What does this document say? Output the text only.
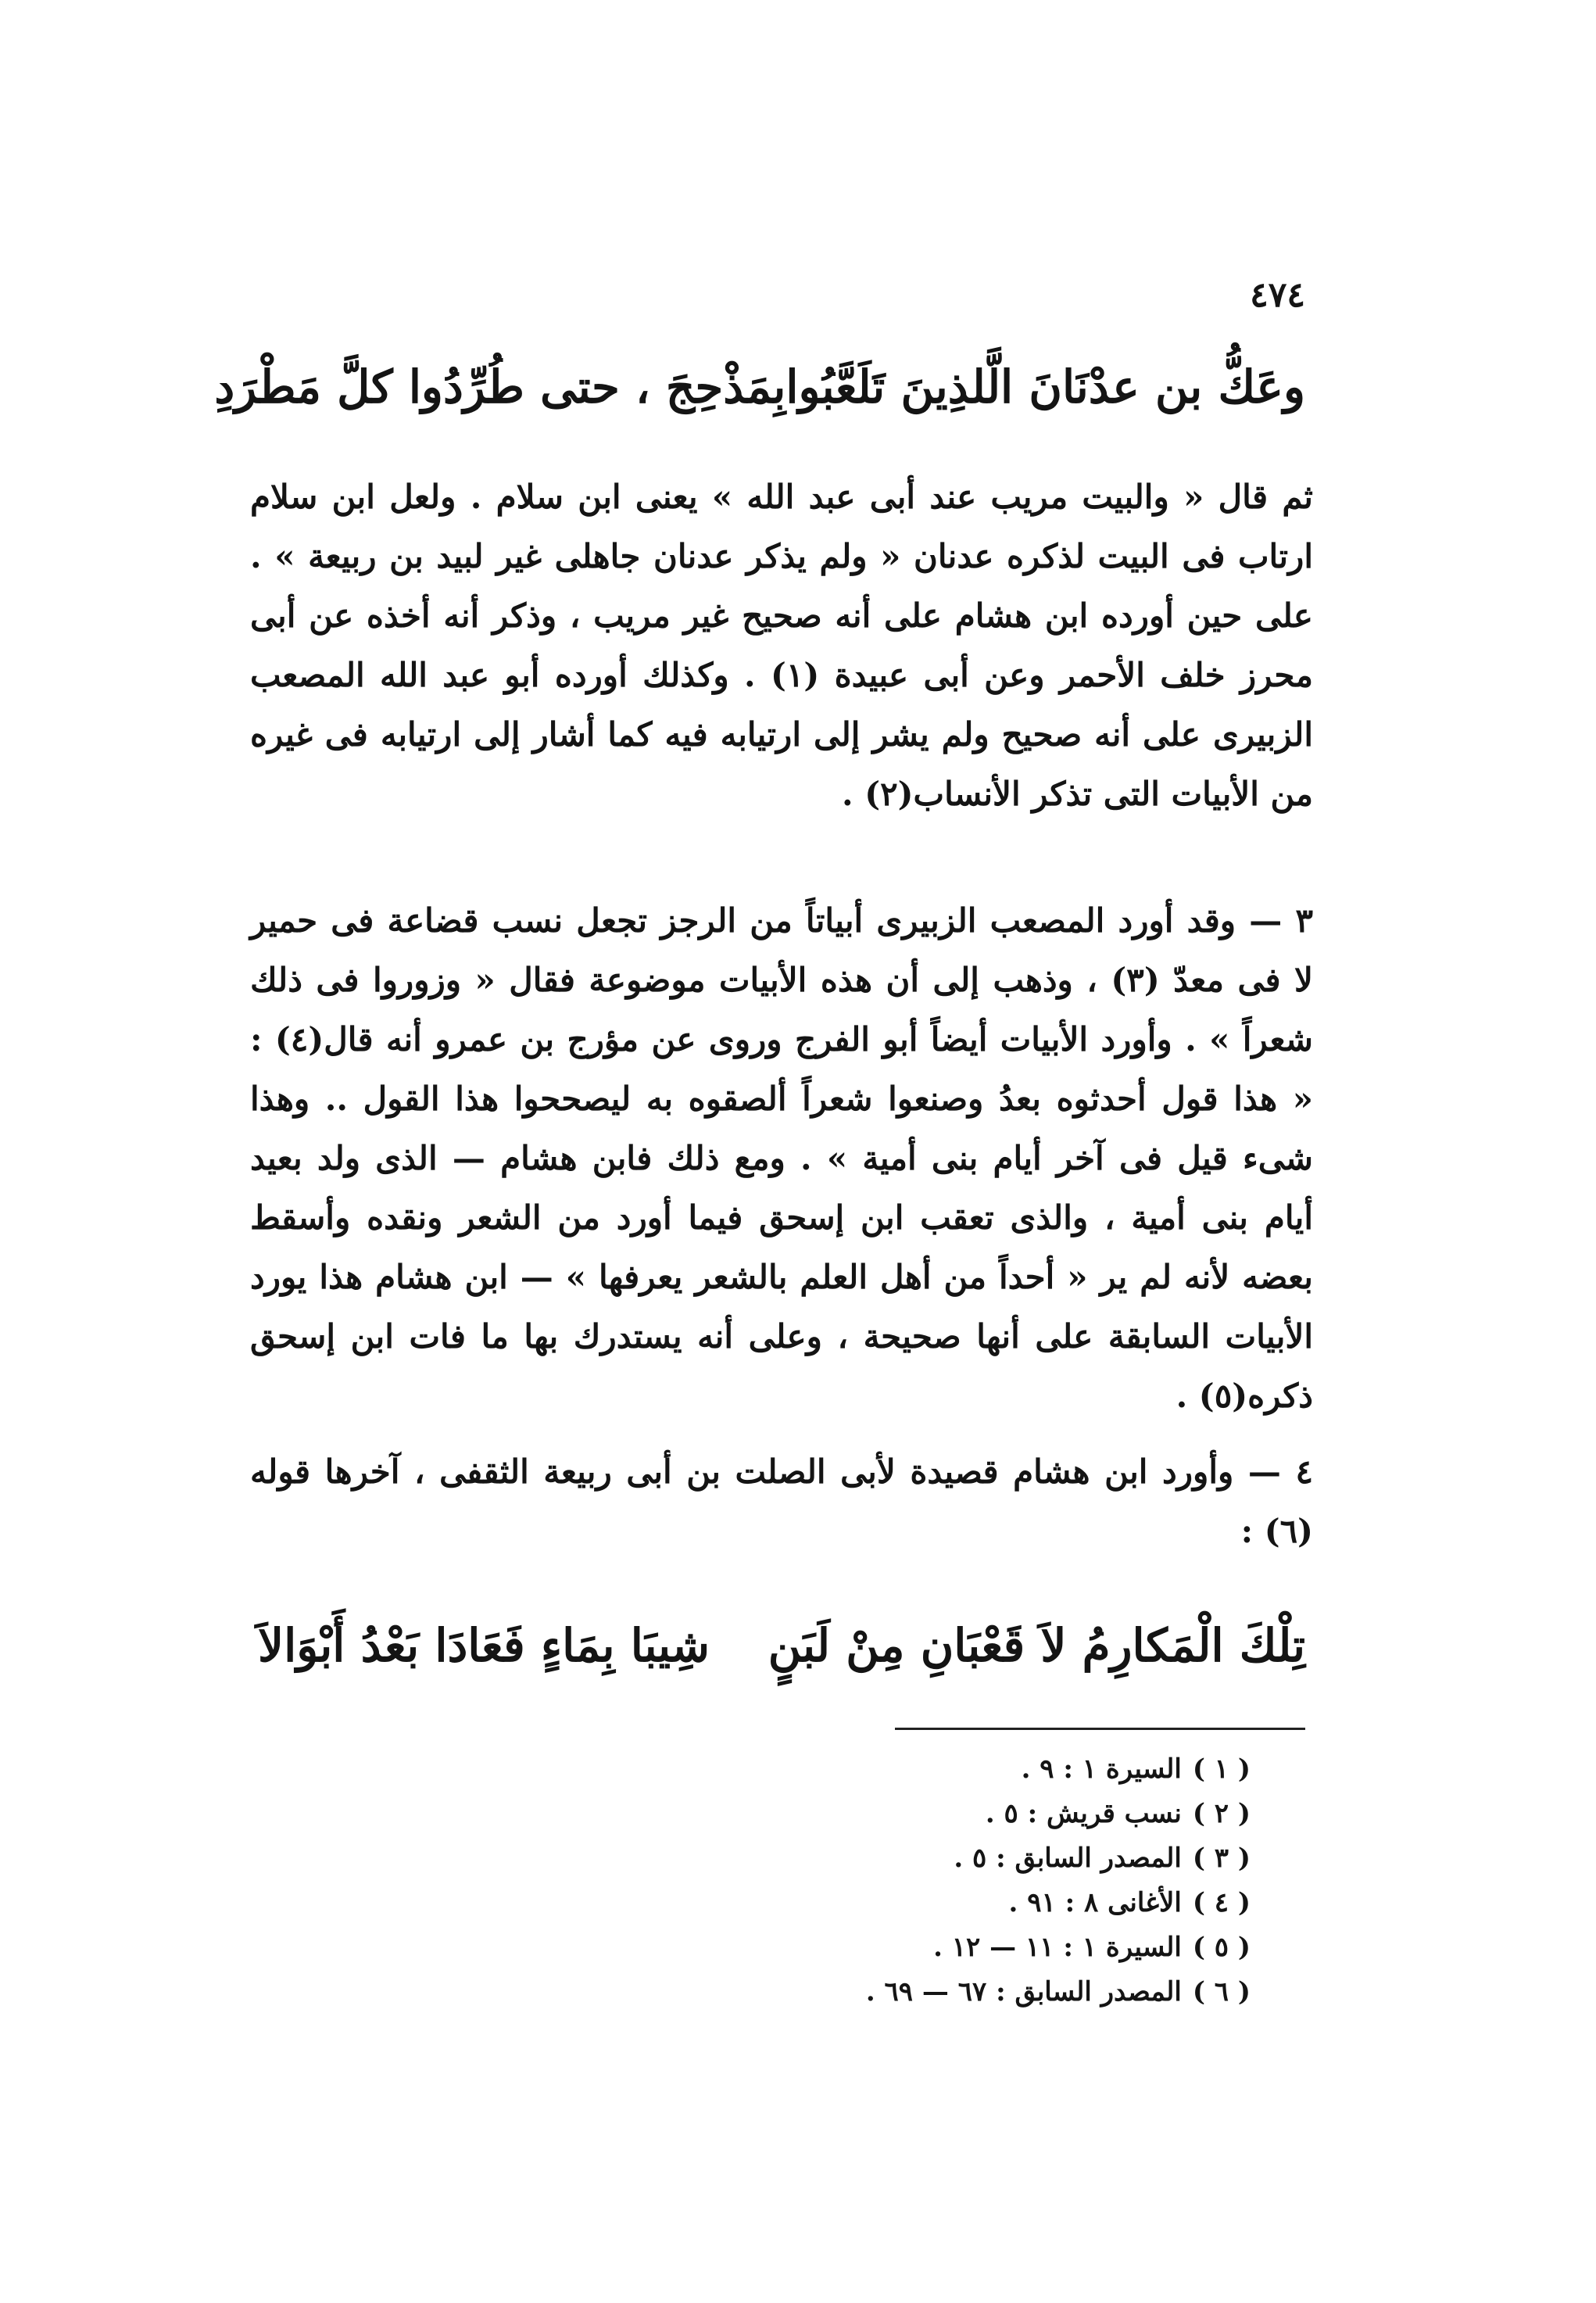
٤٧٤
وعَكُّ بن عدْنَانَ الَّلذِينَ تَلَعَّبُوا
بِمَذْحِجَ ، حتى طُرِّدُوا كلَّ مَطْرَدِ

ثم قال « والبيت مريب عند أبى عبد الله » يعنى ابن سلام . ولعل ابن سلام ارتاب فى البيت لذكره عدنان « ولم يذكر عدنان جاهلى غير لبيد بن ربيعة » . على حين أورده ابن هشام على أنه صحيح غير مريب ، وذكر أنه أخذه عن أبى محرز خلف الأحمر وعن أبى عبيدة (١) . وكذلك أورده أبو عبد الله المصعب الزبيرى على أنه صحيح ولم يشر إلى ارتيابه فيه كما أشار إلى ارتيابه فى غيره من الأبيات التى تذكر الأنساب(٢) .

٣ — وقد أورد المصعب الزبيرى أبياتاً من الرجز تجعل نسب قضاعة فى حمير لا فى معدّ (٣) ، وذهب إلى أن هذه الأبيات موضوعة فقال « وزوروا فى ذلك شعراً » . وأورد الأبيات أيضاً أبو الفرج وروى عن مؤرج بن عمرو أنه قال(٤) : « هذا قول أحدثوه بعدُ وصنعوا شعراً ألصقوه به ليصححوا هذا القول .. وهذا شىء قيل فى آخر أيام بنى أمية » . ومع ذلك فابن هشام — الذى ولد بعيد أيام بنى أمية ، والذى تعقب ابن إسحق فيما أورد من الشعر ونقده وأسقط بعضه لأنه لم ير « أحداً من أهل العلم بالشعر يعرفها » — ابن هشام هذا يورد الأبيات السابقة على أنها صحيحة ، وعلى أنه يستدرك بها ما فات ابن إسحق ذكره(٥) .

٤ — وأورد ابن هشام قصيدة لأبى الصلت بن أبى ربيعة الثقفى ، آخرها قوله (٦) :

تِلْكَ الْمَكارِمُ لاَ قَعْبَانِ مِنْ لَبَنٍ
شِيبَا بِمَاءٍ فَعَادَا بَعْدُ أَبْوَالاَ
( ١ )
السيرة ١ : ٩ .
( ٢ )
نسب قريش : ٥ .
( ٣ )
المصدر السابق : ٥ .
( ٤ )
الأغانى ٨ : ٩١ .
( ٥ )
السيرة ١ : ١١ — ١٢ .
( ٦ )
المصدر السابق : ٦٧ — ٦٩ .
